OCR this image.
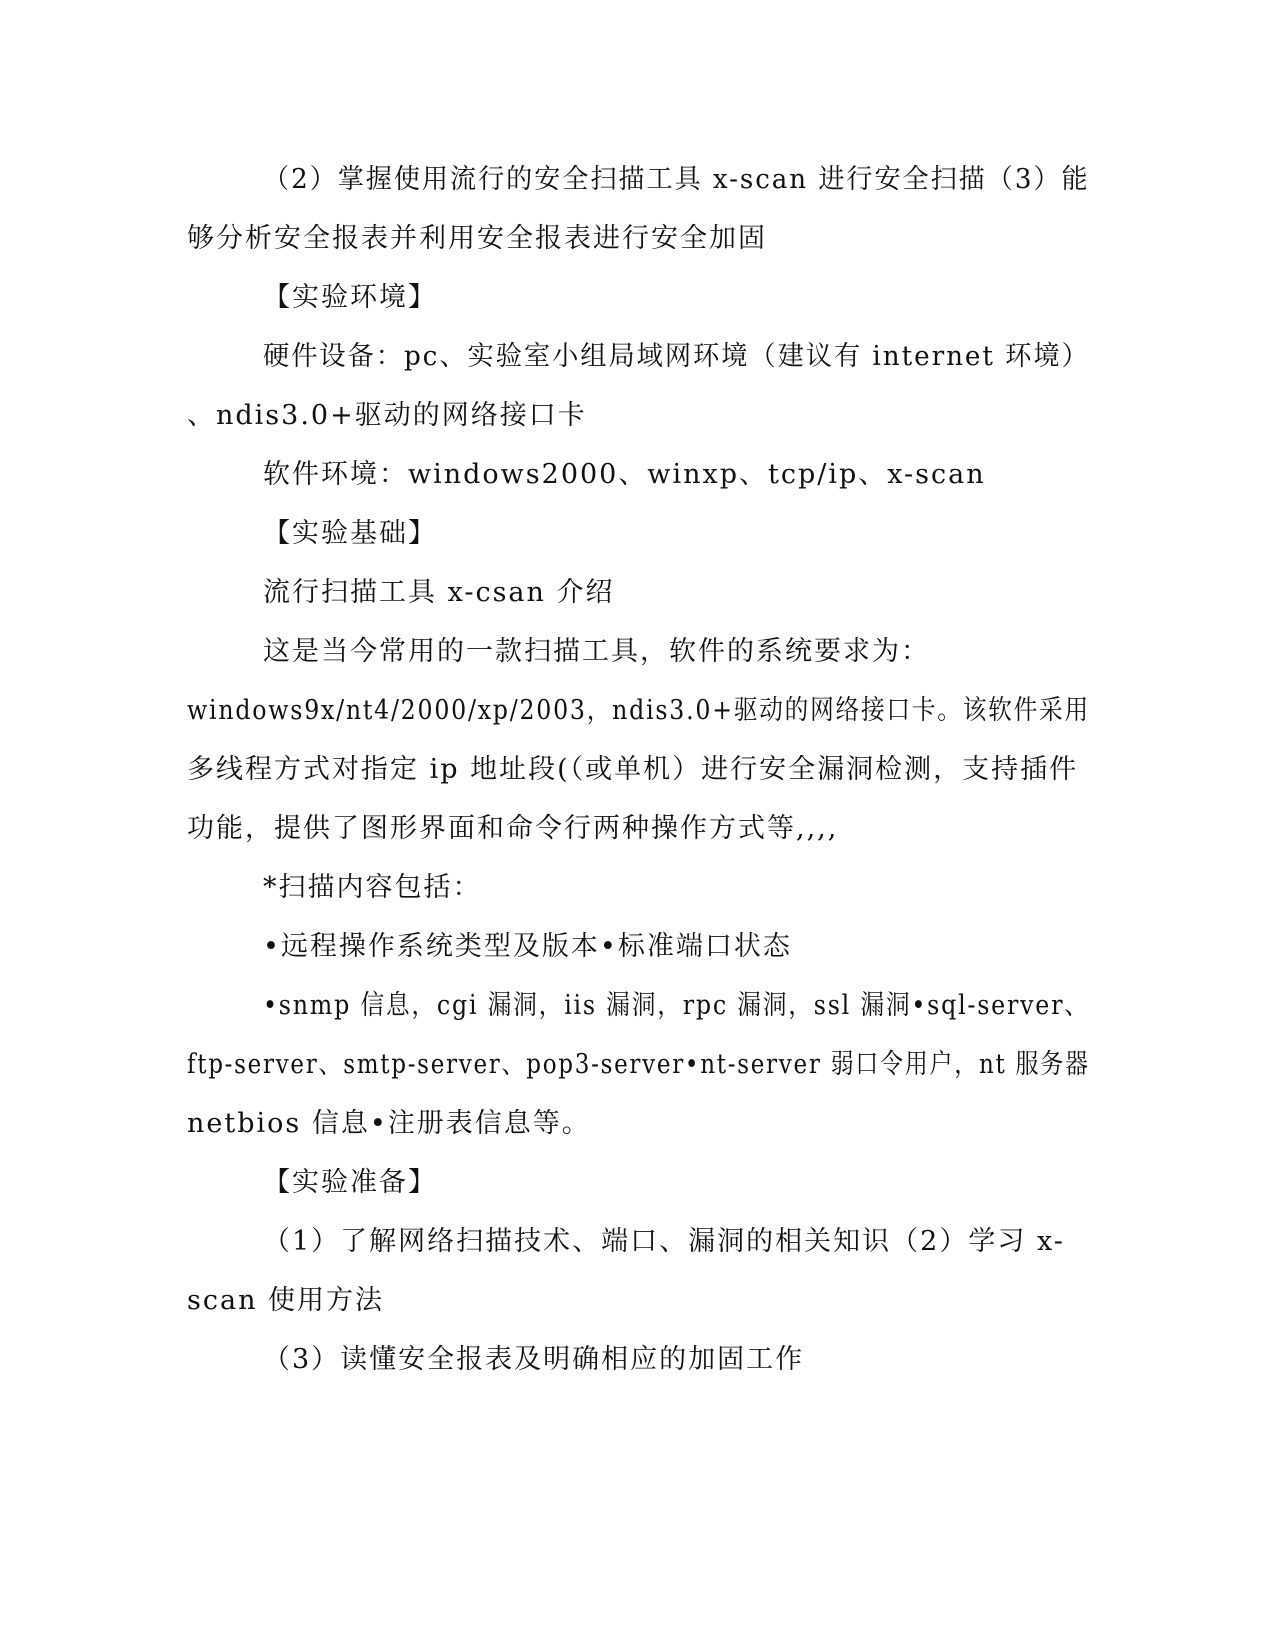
（2）掌握使用流行的安全扫描工具 x-scan 进行安全扫描（3）能
够分析安全报表并利用安全报表进行安全加固
【实验环境】
硬件设备：pc、实验室小组局域网环境（建议有 internet 环境）
、ndis3.0+驱动的网络接口卡
软件环境：windows2000、winxp、tcp/ip、x-scan
【实验基础】
流行扫描工具 x-csan 介绍
这是当今常用的一款扫描工具，软件的系统要求为：
windows9x/nt4/2000/xp/2003，ndis3.0+驱动的网络接口卡。该软件采用
多线程方式对指定 ip 地址段(（或单机）进行安全漏洞检测，支持插件
功能，提供了图形界面和命令行两种操作方式等,,,,
*扫描内容包括：
•远程操作系统类型及版本•标准端口状态
•snmp 信息，cgi 漏洞，iis 漏洞，rpc 漏洞，ssl 漏洞•sql-server、
ftp-server、smtp-server、pop3-server•nt-server 弱口令用户，nt 服务器
netbios 信息•注册表信息等。
【实验准备】
（1）了解网络扫描技术、端口、漏洞的相关知识（2）学习 x-
scan 使用方法
（3）读懂安全报表及明确相应的加固工作
